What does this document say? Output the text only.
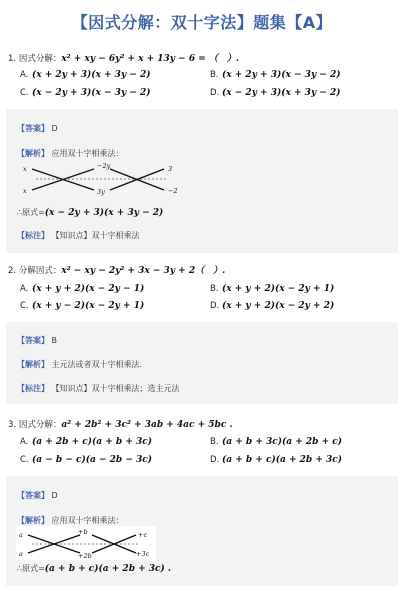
【因式分解：双十字法】题集【A】
1. 因式分解：x² + xy − 6y² + x + 13y − 6 = （　）.
A. (x + 2y + 3)(x + 3y − 2)	B. (x + 2y + 3)(x − 3y − 2)
C. (x − 2y + 3)(x − 3y − 2)	D. (x − 2y + 3)(x + 3y − 2)
【答案】 D
【解析】 应用双十字相乘法：
x	−2y	3
x	3y	−2
∴原式=(x − 2y + 3)(x + 3y − 2)
【标注】 【知识点】双十字相乘法
2. 分解因式：x² − xy − 2y² + 3x − 3y + 2（　）.
A. (x + y + 2)(x − 2y − 1)	B. (x + y + 2)(x − 2y + 1)
C. (x + y − 2)(x − 2y + 1)	D. (x + y + 2)(x − 2y + 2)
【答案】 B
【解析】 主元法或者双十字相乘法．
【标注】 【知识点】双十字相乘法；选主元法
3. 因式分解：a² + 2b² + 3c² + 3ab + 4ac + 5bc .
A. (a + 2b + c)(a + b + 3c)	B. (a + b + 3c)(a + 2b + c)
C. (a − b − c)(a − 2b − 3c)	D. (a + b + c)(a + 2b + 3c)
【答案】 D
【解析】 应用双十字相乘法：
a	+b	+c
a	+2b	+3c
∴原式=(a + b + c)(a + 2b + 3c) .
